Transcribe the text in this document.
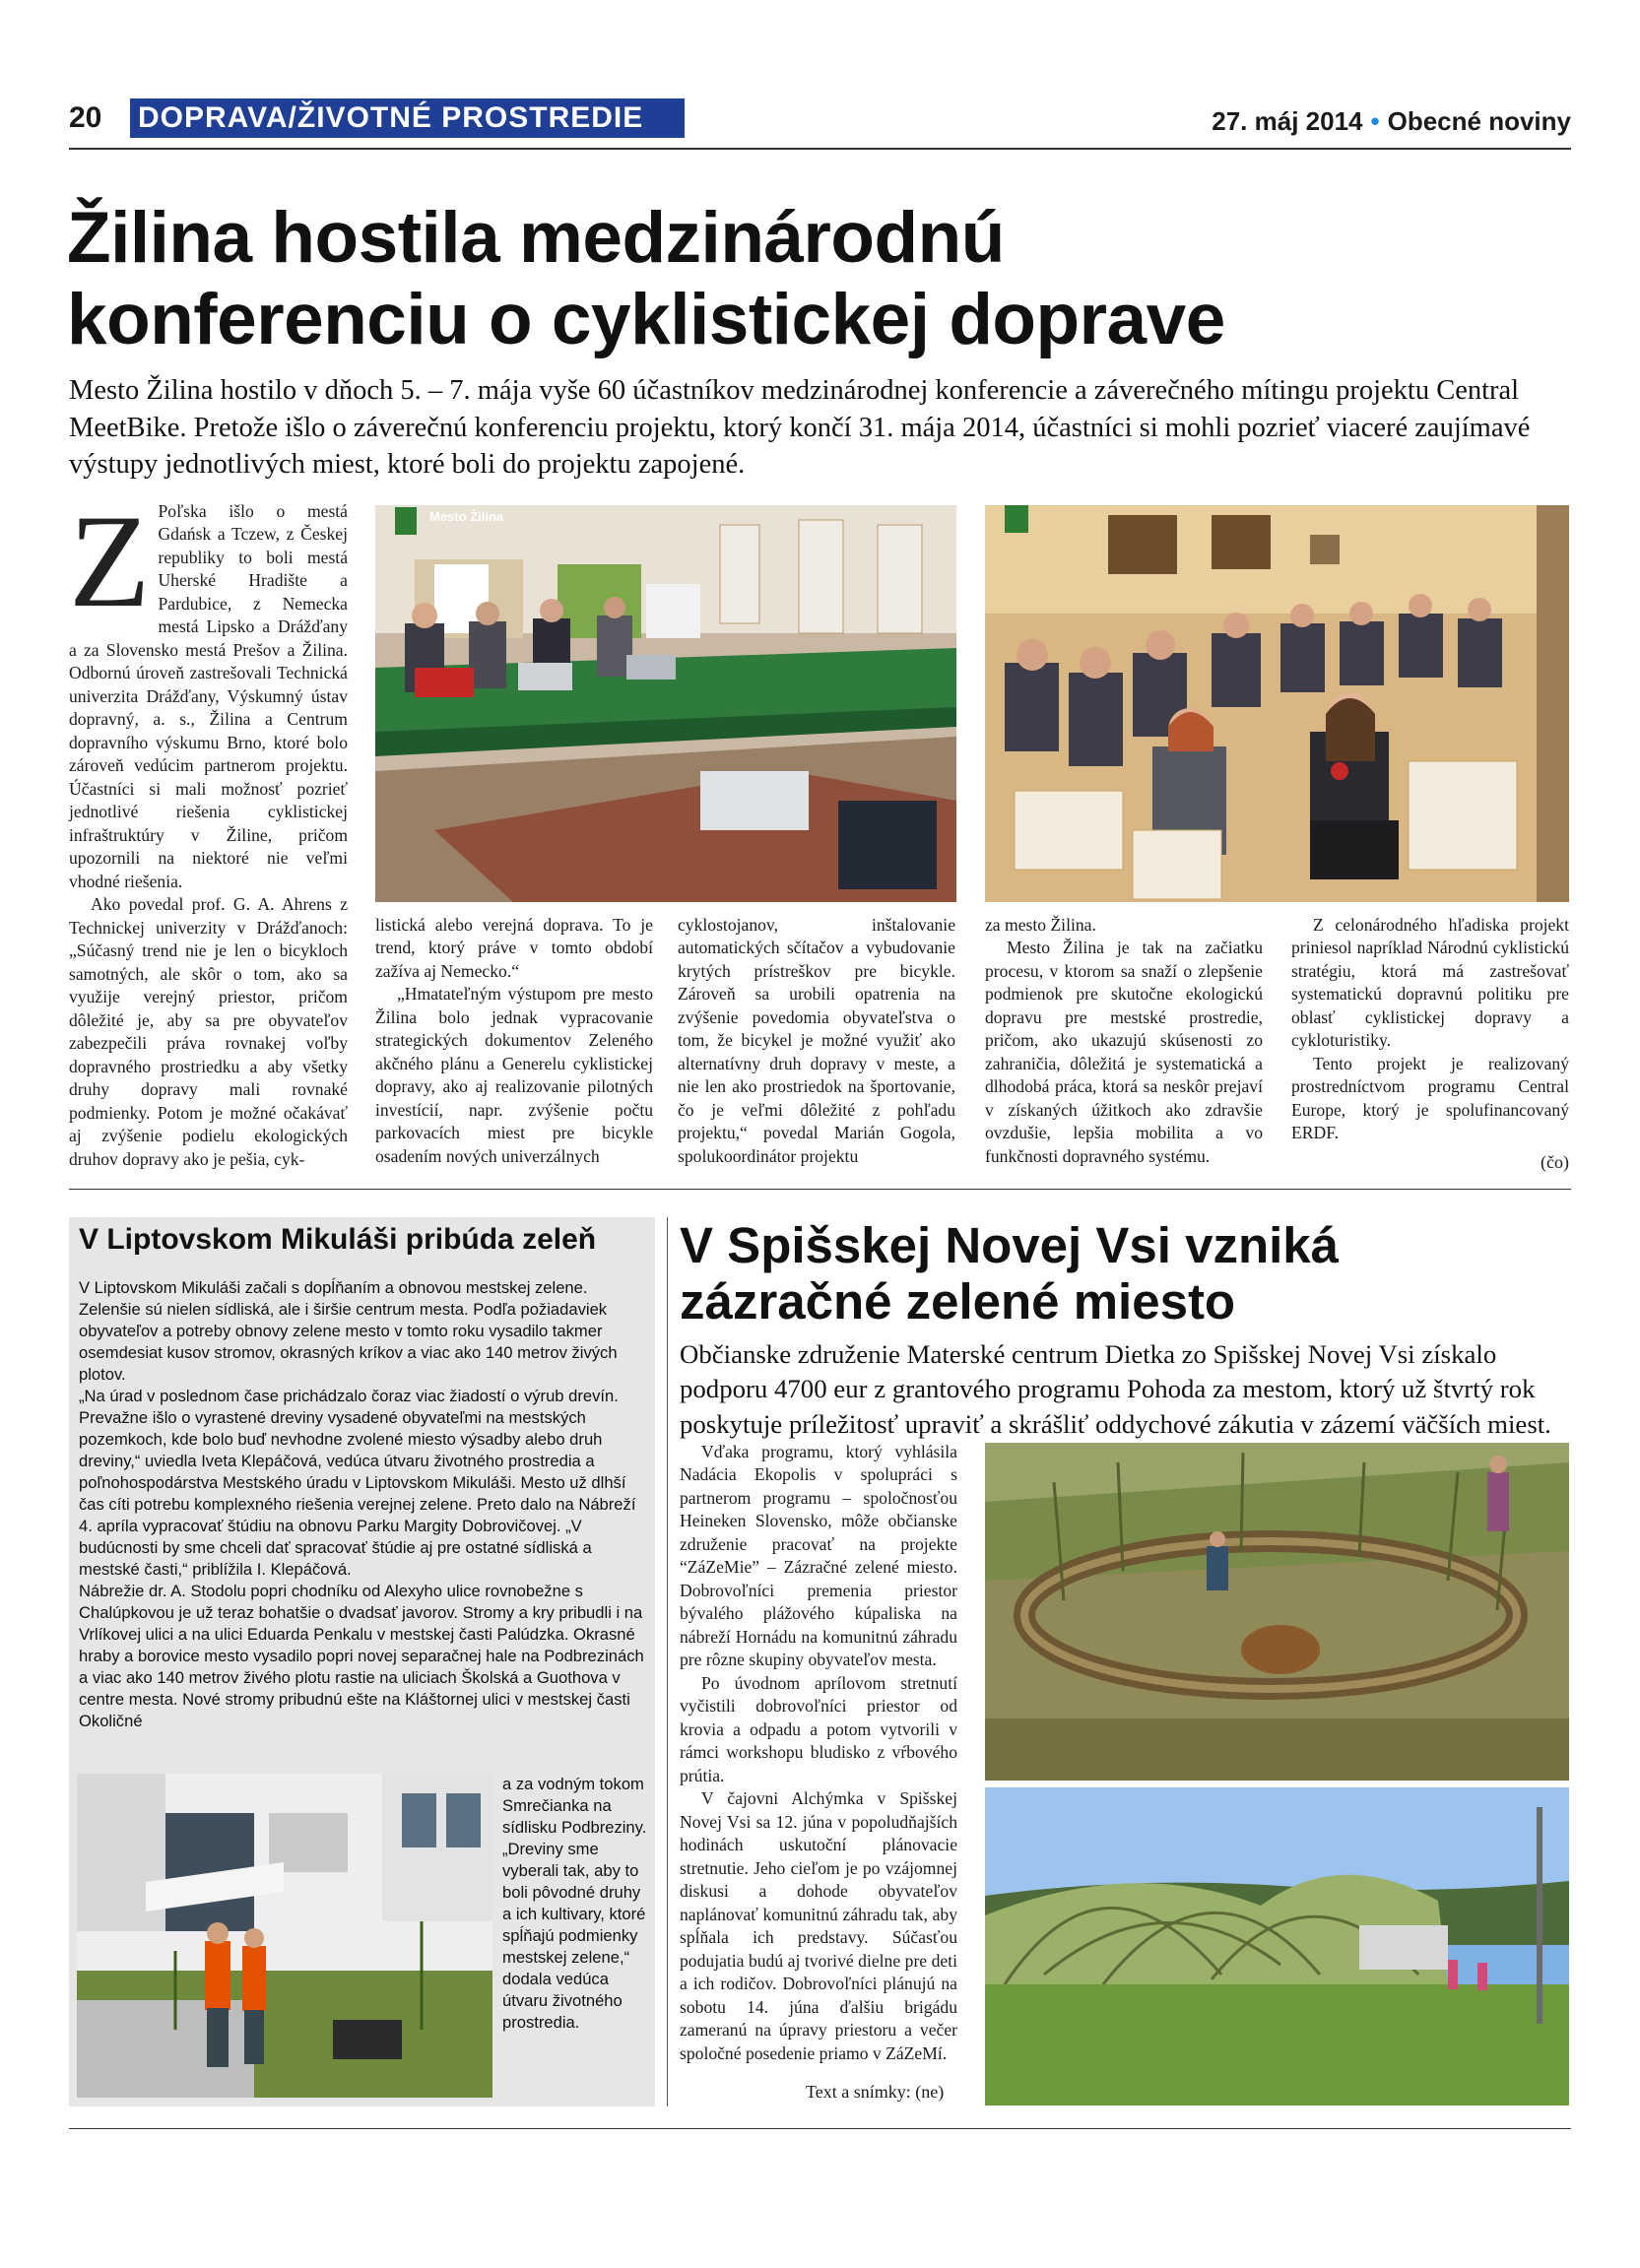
20 DOPRAVA/ŽIVOTNÉ PROSTREDIE	27. máj 2014 • Obecné noviny
Žilina hostila medzinárodnú
konferenciu o cyklistickej doprave
Mesto Žilina hostilo v dňoch 5. – 7. mája vyše 60 účastníkov medzinárodnej konferencie a záverečného mítingu projektu Central MeetBike. Pretože išlo o záverečnú konferenciu projektu, ktorý končí 31. mája 2014, účastníci si mohli pozrieť viaceré zaujímavé výstupy jednotlivých miest, ktoré boli do projektu zapojené.
Z Poľska išlo o mestá Gdańsk a Tczew, z Českej republiky to boli mestá Uherské Hradište a Pardubice, z Nemecka mestá Lipsko a Drážďany a za Slovensko mestá Prešov a Žilina. Odbornú úroveň zastrešovali Technická univerzita Drážďany, Výskumný ústav dopravný, a. s., Žilina a Centrum dopravního výskumu Brno, ktoré bolo zároveň vedúcim partnerom projektu. Účastníci si mali možnosť pozrieť jednotlivé riešenia cyklistickej infraštruktúry v Žiline, pričom upozornili na niektoré nie veľmi vhodné riešenia.

Ako povedal prof. G. A. Ahrens z Technickej univerzity v Drážďanoch: „Súčasný trend nie je len o bicykloch samotných, ale skôr o tom, ako sa využije verejný priestor, pričom dôležité je, aby sa pre obyvateľov zabezpečili práva rovnakej voľby dopravného prostriedku a aby všetky druhy dopravy mali rovnaké podmienky. Potom je možné očakávať aj zvýšenie podielu ekologických druhov dopravy ako je pešia, cyk-

Mesto Žilina

listická alebo verejná doprava. To je trend, ktorý práve v tomto období zažíva aj Nemecko.“

„Hmatateľným výstupom pre mesto Žilina bolo jednak vypracovanie strategických dokumentov Zeleného akčného plánu a Generelu cyklistickej dopravy, ako aj realizovanie pilotných investícií, napr. zvýšenie počtu parkovacích miest pre bicykle osadením nových univerzálnych

cyklostojanov, inštalovanie automatických sčítačov a vybudovanie krytých prístreškov pre bicykle. Zároveň sa urobili opatrenia na zvýšenie povedomia obyvateľstva o tom, že bicykel je možné využiť ako alternatívny druh dopravy v meste, a nie len ako prostriedok na športovanie, čo je veľmi dôležité z pohľadu projektu,“ povedal Marián Gogola, spolukoordinátor projektu

za mesto Žilina.

Mesto Žilina je tak na začiatku procesu, v ktorom sa snaží o zlepšenie podmienok pre skutočne ekologickú dopravu pre mestské prostredie, pričom, ako ukazujú skúsenosti zo zahraničia, dôležitá je systematická a dlhodobá práca, ktorá sa neskôr prejaví v získaných úžitkoch ako zdravšie ovzdušie, lepšia mobilita a vo funkčnosti dopravného systému.

Z celonárodného hľadiska projekt priniesol napríklad Národnú cyklistickú stratégiu, ktorá má zastrešovať systematickú dopravnú politiku pre oblasť cyklistickej dopravy a cykloturistiky.

Tento projekt je realizovaný prostredníctvom programu Central Europe, ktorý je spolufinancovaný ERDF.

(čo)
V Liptovskom Mikuláši pribúda zeleň

V Liptovskom Mikuláši začali s dopĺňaním a obnovou mestskej zelene. Zelenšie sú nielen sídliská, ale i širšie centrum mesta. Podľa požiadaviek obyvateľov a potreby obnovy zelene mesto v tomto roku vysadilo takmer osemdesiat kusov stromov, okrasných kríkov a viac ako 140 metrov živých plotov.

„Na úrad v poslednom čase prichádzalo čoraz viac žiadostí o výrub drevín. Prevažne išlo o vyrastené dreviny vysadené obyvateľmi na mestských pozemkoch, kde bolo buď nevhodne zvolené miesto výsadby alebo druh dreviny,“ uviedla Iveta Klepáčová, vedúca útvaru životného prostredia a poľnohospodárstva Mestského úradu v Liptovskom Mikuláši. Mesto už dlhší čas cíti potrebu komplexného riešenia verejnej zelene. Preto dalo na Nábreží 4. apríla vypracovať štúdiu na obnovu Parku Margity Dobrovičovej. „V budúcnosti by sme chceli dať spracovať štúdie aj pre ostatné sídliská a mestské časti,“ priblížila I. Klepáčová.

Nábrežie dr. A. Stodolu popri chodníku od Alexyho ulice rovnobežne s Chalúpkovou je už teraz bohatšie o dvadsať javorov. Stromy a kry pribudli i na Vrlíkovej ulici a na ulici Eduarda Penkalu v mestskej časti Palúdzka. Okrasné hraby a borovice mesto vysadilo popri novej separačnej hale na Podbrezinách a viac ako 140 metrov živého plotu rastie na uliciach Školská a Guothova v centre mesta. Nové stromy pribudnú ešte na Kláštornej ulici v mestskej časti Okoličné

a za vodným tokom Smrečianka na sídlisku Podbreziny. „Dreviny sme vyberali tak, aby to boli pôvodné druhy a ich kultivary, ktoré spĺňajú podmienky mestskej zelene,“ dodala vedúca útvaru životného prostredia.

V Spišskej Novej Vsi vzniká
zázračné zelené miesto
Občianske združenie Materské centrum Dietka zo Spišskej Novej Vsi získalo podporu 4700 eur z grantového programu Pohoda za mestom, ktorý už štvrtý rok poskytuje príležitosť upraviť a skrášliť oddychové zákutia v zázemí väčších miest.

Vďaka programu, ktorý vyhlásila Nadácia Ekopolis v spolupráci s partnerom programu – spoločnosťou Heineken Slovensko, môže občianske združenie pracovať na projekte “ZáZeMie” – Zázračné zelené miesto. Dobrovoľníci premenia priestor bývalého plážového kúpaliska na nábreží Hornádu na komunitnú záhradu pre rôzne skupiny obyvateľov mesta.

Po úvodnom aprílovom stretnutí vyčistili dobrovoľníci priestor od krovia a odpadu a potom vytvorili v rámci workshopu bludisko z vŕbového prútia.

V čajovni Alchýmka v Spišskej Novej Vsi sa 12. júna v popoludňajších hodinách uskutoční plánovacie stretnutie. Jeho cieľom je po vzájomnej diskusi a dohode obyvateľov naplánovať komunitnú záhradu tak, aby spĺňala ich predstavy. Súčasťou podujatia budú aj tvorivé dielne pre deti a ich rodičov. Dobrovoľníci plánujú na sobotu 14. júna ďalšiu brigádu zameranú na úpravy priestoru a večer spoločné posedenie priamo v ZáZeMí.

Text a snímky: (ne)
